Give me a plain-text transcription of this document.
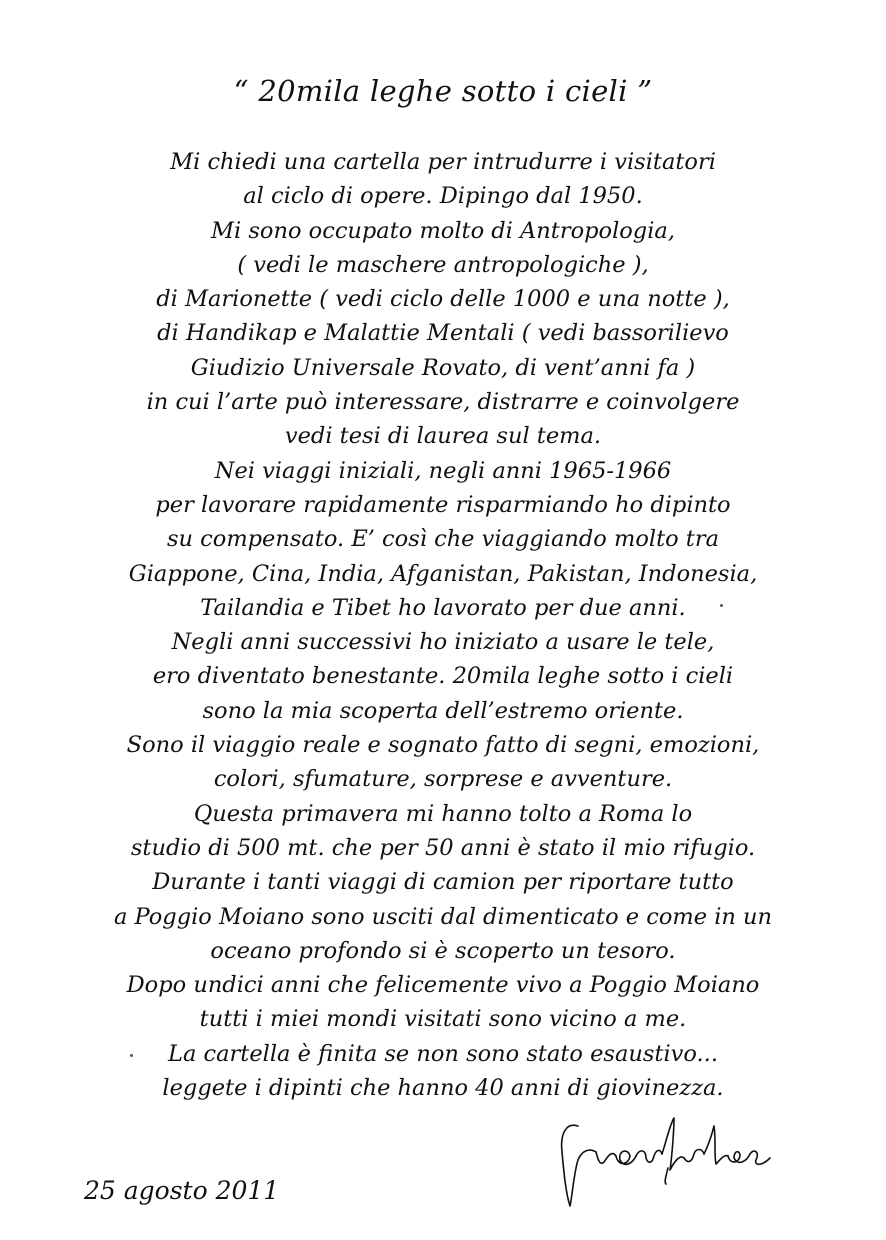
“ 20mila leghe sotto i cieli ”
Mi chiedi una cartella per intrudurre i visitatori
al ciclo di opere. Dipingo dal 1950.
Mi sono occupato molto di Antropologia,
( vedi le maschere antropologiche ),
di Marionette ( vedi ciclo delle 1000 e una notte ),
di Handikap e Malattie Mentali ( vedi bassorilievo
Giudizio Universale Rovato, di vent’anni fa )
in cui l’arte può interessare, distrarre e coinvolgere
vedi tesi di laurea sul tema.
Nei viaggi iniziali, negli anni 1965-1966
per lavorare rapidamente risparmiando ho dipinto
su compensato. E’ così che viaggiando molto tra
Giappone, Cina, India, Afganistan, Pakistan, Indonesia,
Tailandia e Tibet ho lavorato per due anni.
Negli anni successivi ho iniziato a usare le tele,
ero diventato benestante. 20mila leghe sotto i cieli
sono la mia scoperta dell’estremo oriente.
Sono il viaggio reale e sognato fatto di segni, emozioni,
colori, sfumature, sorprese e avventure.
Questa primavera mi hanno tolto a Roma lo
studio di 500 mt. che per 50 anni è stato il mio rifugio.
Durante i tanti viaggi di camion per riportare tutto
a Poggio Moiano sono usciti dal dimenticato e come in un
oceano profondo si è scoperto un tesoro.
Dopo undici anni che felicemente vivo a Poggio Moiano
tutti i miei mondi visitati sono vicino a me.
La cartella è finita se non sono stato esaustivo...
leggete i dipinti che hanno 40 anni di giovinezza.
25 agosto 2011
